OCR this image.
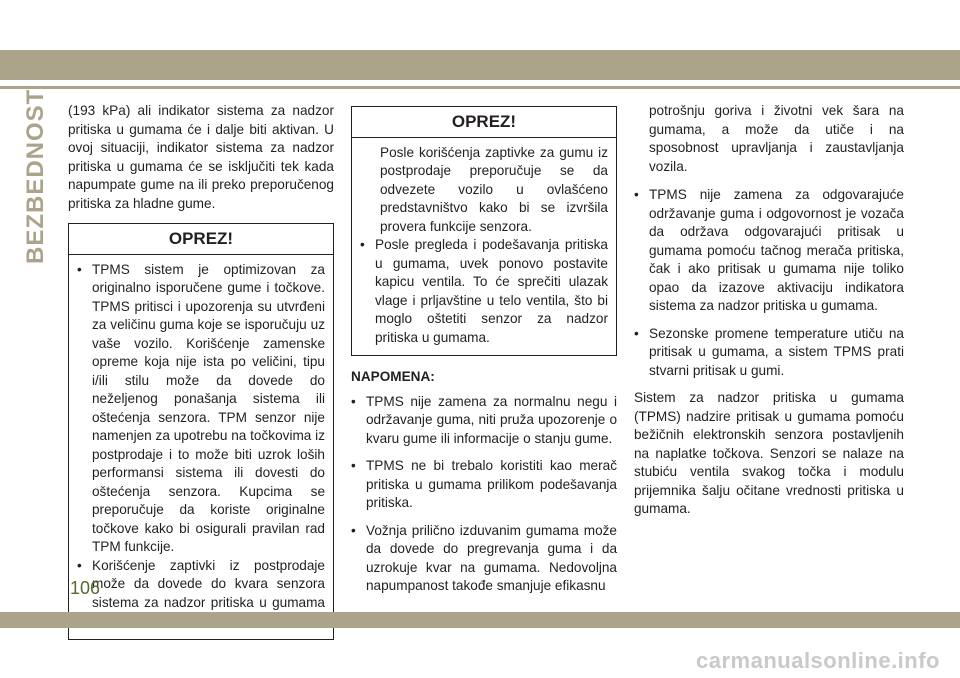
BEZBEDNOST (193 kPa) ali indikator sistema za nadzor pritiska u gumama će i dalje biti aktivan. U ovoj situaciji, indikator sistema za nadzor pritiska u gumama će se isključiti tek kada napumpate gume na ili preko preporučenog pritiska za hladne gume.

OPREZ!
• TPMS sistem je optimizovan za originalno isporučene gume i točkove. TPMS pritisci i upozorenja su utvrđeni za veličinu guma koje se isporučuju uz vaše vozilo. Korišćenje zamenske opreme koja nije ista po veličini, tipu i/ili stilu može da dovede do neželjenog ponašanja sistema ili oštećenja senzora. TPM senzor nije namenjen za upotrebu na točkovima iz postprodaje i to može biti uzrok loših performansi sistema ili dovesti do oštećenja senzora. Kupcima se preporučuje da koriste originalne točkove kako bi osigurali pravilan rad TPM funkcije.
• Korišćenje zaptivki iz postprodaje može da dovede do kvara senzora sistema za nadzor pritiska u gumama
OPREZ!
Posle korišćenja zaptivke za gumu iz postprodaje preporučuje se da odvezete vozilo u ovlašćeno predstavništvo kako bi se izvršila provera funkcije senzora.
• Posle pregleda i podešavanja pritiska u gumama, uvek ponovo postavite kapicu ventila. To će sprečiti ulazak vlage i prljavštine u telo ventila, što bi moglo oštetiti senzor za nadzor pritiska u gumama.
NAPOMENA:
• TPMS nije zamena za normalnu negu i održavanje guma, niti pruža upozorenje o kvaru gume ili informacije o stanju gume.
• TPMS ne bi trebalo koristiti kao merač pritiska u gumama prilikom podešavanja pritiska.
• Vožnja prilično izduvanim gumama može da dovede do pregrevanja guma i da uzrokuje kvar na gumama. Nedovoljna napumpanost takođe smanjuje efikasnu

potrošnju goriva i životni vek šara na gumama, a može da utiče i na sposobnost upravljanja i zaustavljanja vozila.

• TPMS nije zamena za odgovarajuće održavanje guma i odgovornost je vozača da održava odgovarajući pritisak u gumama pomoću tačnog merača pritiska, čak i ako pritisak u gumama nije toliko opao da izazove aktivaciju indikatora sistema za nadzor pritiska u gumama.
• Sezonske promene temperature utiču na pritisak u gumama, a sistem TPMS prati stvarni pritisak u gumi.

Sistem za nadzor pritiska u gumama (TPMS) nadzire pritisak u gumama pomoću bežičnih elektronskih senzora postavljenih na naplatke točkova. Senzori se nalaze na stubiću ventila svakog točka i modulu prijemnika šalju očitane vrednosti pritiska u gumama.

106
carmanualsonline.info
